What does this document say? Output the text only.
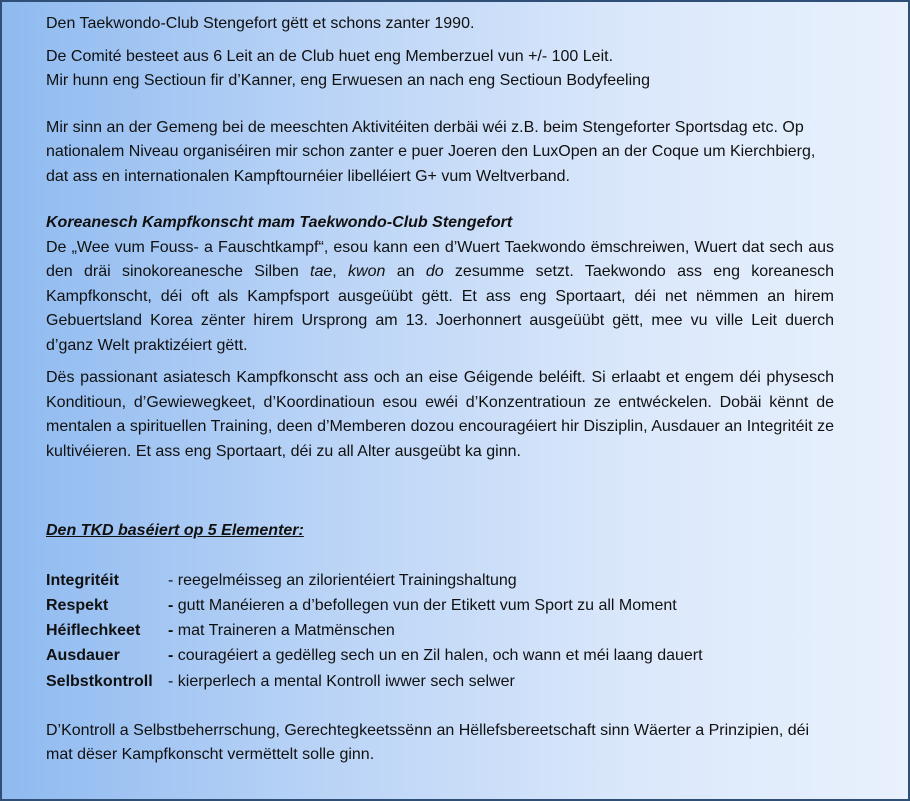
Den Taekwondo-Club Stengefort gëtt et schons zanter 1990.

De Comité besteet aus 6 Leit an de Club huet eng Memberzuel vun +/- 100 Leit.

Mir hunn eng Sectioun fir d’Kanner, eng Erwuesen an nach eng Sectioun Bodyfeeling

Mir sinn an der Gemeng bei de meeschten Aktivitéiten derbäi wéi z.B. beim Stengeforter Sportsdag etc. Op nationalem Niveau organiséiren mir schon zanter e puer Joeren den LuxOpen an der Coque um Kierchbierg, dat ass en internationalen Kampftournéier libelléiert G+ vum Weltverband.

Koreanesch Kampfkonscht mam Taekwondo-Club Stengefort

De „Wee vum Fouss- a Fauschtkampf“, esou kann een d’Wuert Taekwondo ëmschreiwen, Wuert dat sech aus den dräi sinokoreanesche Silben tae, kwon an do zesumme setzt. Taekwondo ass eng koreanesch Kampfkonscht, déi oft als Kampfsport ausgeüübt gëtt. Et ass eng Sportaart, déi net nëmmen an hirem Gebuertsland Korea zënter hirem Ursprong am 13. Joerhonnert ausgeüübt gëtt, mee vu ville Leit duerch d’ganz Welt praktizéiert gëtt.

Dës passionant asiatesch Kampfkonscht ass och an eise Géigende beléift. Si erlaabt et engem déi physesch Konditioun, d’Gewiewegkeet, d’Koordinatioun esou ewéi d’Konzentratioun ze entwéckelen. Dobäi kënnt de mentalen a spirituellen Training, deen d’Memberen dozou encouragéiert hir Disziplin, Ausdauer an Integritéit ze kultivéieren. Et ass eng Sportaart, déi zu all Alter ausgeübt ka ginn.

Den TKD baséiert op 5 Elementer:

Integritéit	- reegelméisseg an zilorientéiert Trainingshaltung
Respekt	- gutt Manéieren a d’befollegen vun der Etikett vum Sport zu all Moment
Héiflechkeet	- mat Traineren a Matmënschen
Ausdauer	- couragéiert a gedëlleg sech un en Zil halen, och wann et méi laang dauert
Selbstkontroll - kierperlech a mental Kontroll iwwer sech selwer

D’Kontroll a Selbstbeherrschung, Gerechtegkeetssënn an Hëllefsbereetschaft sinn Wäerter a Prinzipien, déi mat dëser Kampfkonscht vermëttelt solle ginn.
